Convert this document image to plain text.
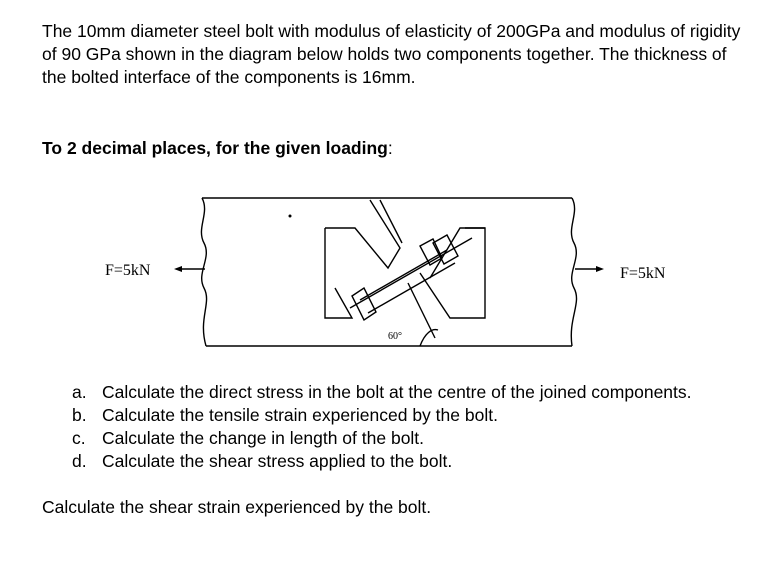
The 10mm diameter steel bolt with modulus of elasticity of 200GPa and modulus of rigidity of 90 GPa shown in the diagram below holds two components together. The thickness of the bolted interface of the components is 16mm.

To 2 decimal places, for the given loading:

F=5kN	F=5kN
60°
a. Calculate the direct stress in the bolt at the centre of the joined components.
b. Calculate the tensile strain experienced by the bolt.
c. Calculate the change in length of the bolt.
d. Calculate the shear stress applied to the bolt.

Calculate the shear strain experienced by the bolt.
